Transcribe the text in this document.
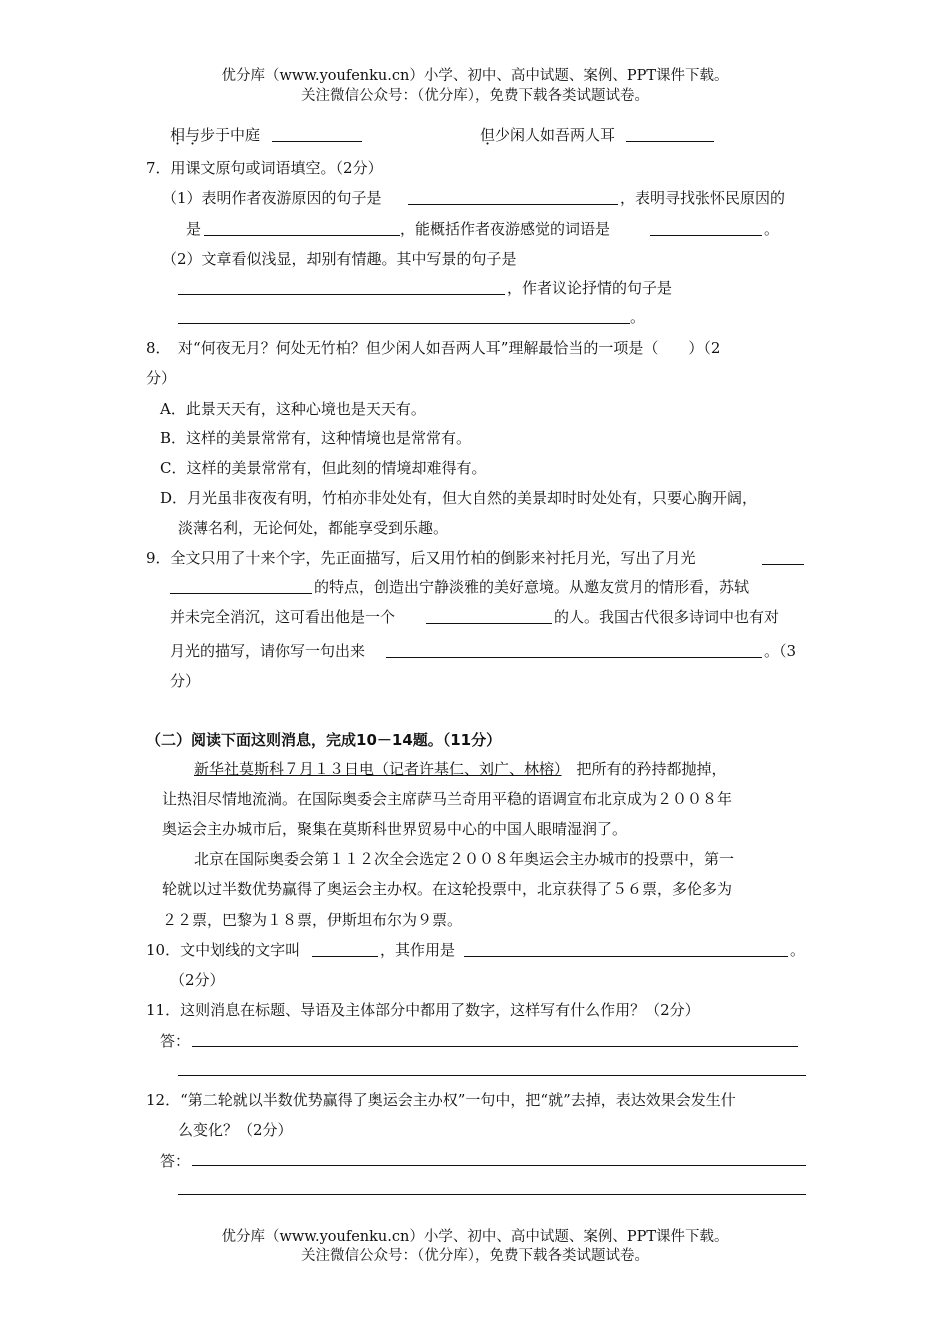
优分库（www.youfenku.cn）小学、初中、高中试题、案例、PPT课件下载。
关注微信公众号：（优分库），免费下载各类试题试卷。
相与步于中庭	但少闲人如吾两人耳
7．用课文原句或词语填空。（2分）
（1）表明作者夜游原因的句子是	，表明寻找张怀民原因的
是	，能概括作者夜游感觉的词语是	。
（2）文章看似浅显，却别有情趣。其中写景的句子是
，作者议论抒情的句子是
。
8．　对“何夜无月？何处无竹柏？但少闲人如吾两人耳”理解最恰当的一项是（　　）（2
分）
A．此景天天有，这种心境也是天天有。
B．这样的美景常常有，这种情境也是常常有。
C．这样的美景常常有，但此刻的情境却难得有。
D．月光虽非夜夜有明，竹柏亦非处处有，但大自然的美景却时时处处有，只要心胸开阔，
淡薄名利，无论何处，都能享受到乐趣。
9．全文只用了十来个字，先正面描写，后又用竹柏的倒影来衬托月光，写出了月光
的特点，创造出宁静淡雅的美好意境。从邀友赏月的情形看，苏轼
并未完全消沉，这可看出他是一个	的人。我国古代很多诗词中也有对
月光的描写，请你写一句出来	。（3
分）
（二）阅读下面这则消息，完成10－14题。（11分）
新华社莫斯科７月１３日电（记者许基仁、刘广、林榕）　把所有的矜持都抛掉，
让热泪尽情地流淌。在国际奥委会主席萨马兰奇用平稳的语调宣布北京成为２００８年
奥运会主办城市后，聚集在莫斯科世界贸易中心的中国人眼晴湿润了。
北京在国际奥委会第１１２次全会选定２００８年奥运会主办城市的投票中，第一
轮就以过半数优势赢得了奥运会主办权。在这轮投票中，北京获得了５６票，多伦多为
２２票，巴黎为１８票，伊斯坦布尔为９票。
10．文中划线的文字叫	，其作用是	。
（2分）
11．这则消息在标题、导语及主体部分中都用了数字，这样写有什么作用？（2分）
答：
12．“第二轮就以半数优势赢得了奥运会主办权”一句中，把“就”去掉，表达效果会发生什
么变化？（2分）
答：
优分库（www.youfenku.cn）小学、初中、高中试题、案例、PPT课件下载。
关注微信公众号：（优分库），免费下载各类试题试卷。
